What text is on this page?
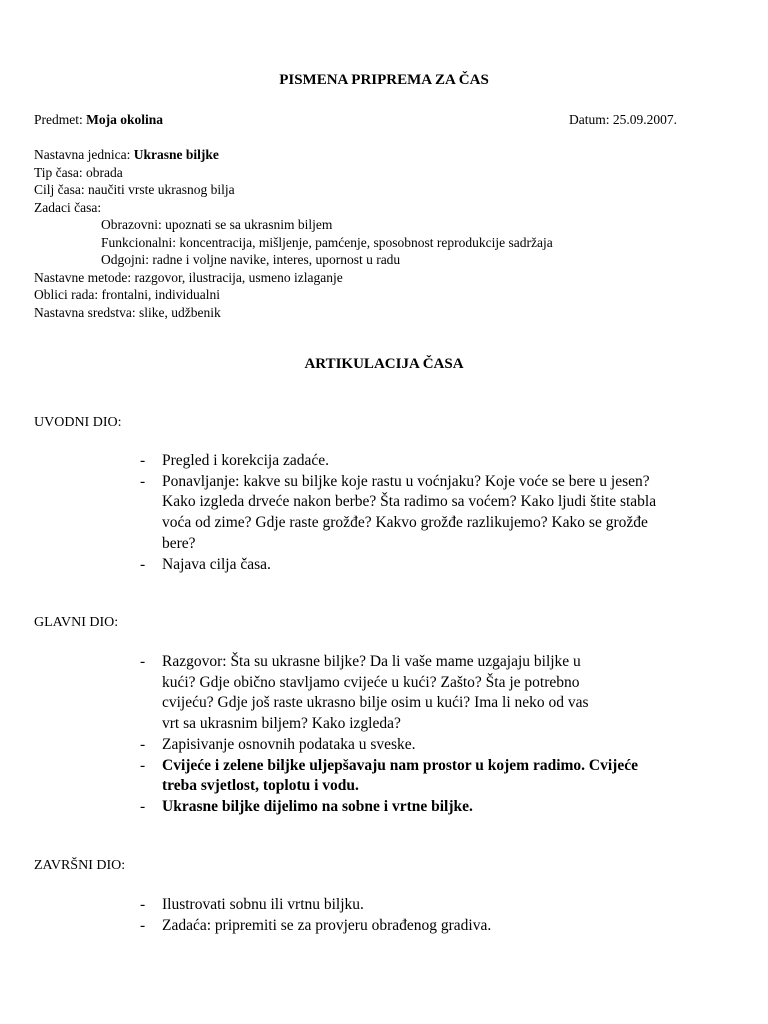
PISMENA PRIPREMA ZA ČAS
Predmet: Moja okolina	Datum: 25.09.2007.
Nastavna jednica: Ukrasne biljke
Tip časa: obrada
Cilj časa: naučiti vrste ukrasnog bilja
Zadaci časa:
Obrazovni: upoznati se sa ukrasnim biljem
Funkcionalni: koncentracija, mišljenje, pamćenje, sposobnost reprodukcije sadržaja
Odgojni: radne i voljne navike, interes, upornost u radu
Nastavne metode: razgovor, ilustracija, usmeno izlaganje
Oblici rada: frontalni, individualni
Nastavna sredstva: slike, udžbenik
ARTIKULACIJA ČASA
UVODNI DIO:
- Pregled i korekcija zadaće.
- Ponavljanje: kakve su biljke koje rastu u voćnjaku? Koje voće se bere u jesen?
Kako izgleda drveće nakon berbe? Šta radimo sa voćem? Kako ljudi štite stabla
voća od zime? Gdje raste grožđe? Kakvo grožđe razlikujemo? Kako se grožđe
bere?
- Najava cilja časa.
GLAVNI DIO:
- Razgovor: Šta su ukrasne biljke? Da li vaše mame uzgajaju biljke u
kući? Gdje obično stavljamo cvijeće u kući? Zašto? Šta je potrebno
cvijeću? Gdje još raste ukrasno bilje osim u kući? Ima li neko od vas
vrt sa ukrasnim biljem? Kako izgleda?
- Zapisivanje osnovnih podataka u sveske.
- Cvijeće i zelene biljke uljepšavaju nam prostor u kojem radimo. Cvijeće
treba svjetlost, toplotu i vodu.
- Ukrasne biljke dijelimo na sobne i vrtne biljke.
ZAVRŠNI DIO:
- Ilustrovati sobnu ili vrtnu biljku.
- Zadaća: pripremiti se za provjeru obrađenog gradiva.
